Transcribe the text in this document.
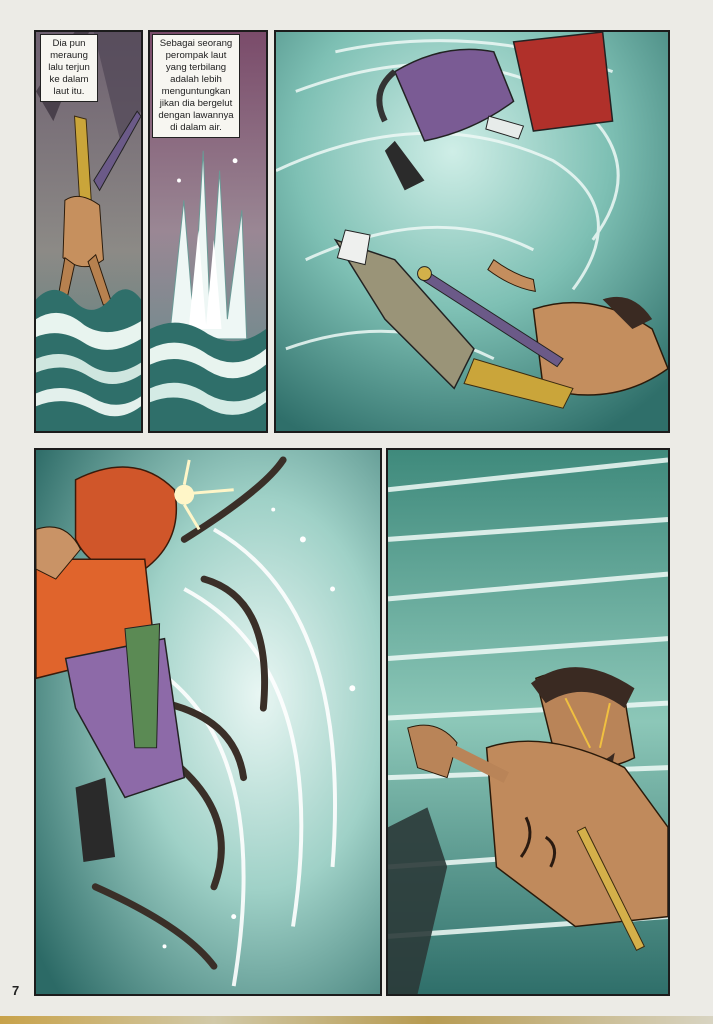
Dia pun
meraung
lalu terjun
ke dalam
laut itu.
Sebagai seorang
perompak laut
yang terbilang
adalah lebih
menguntungkan
jikan dia bergelut
dengan lawannya
di dalam air.
7
